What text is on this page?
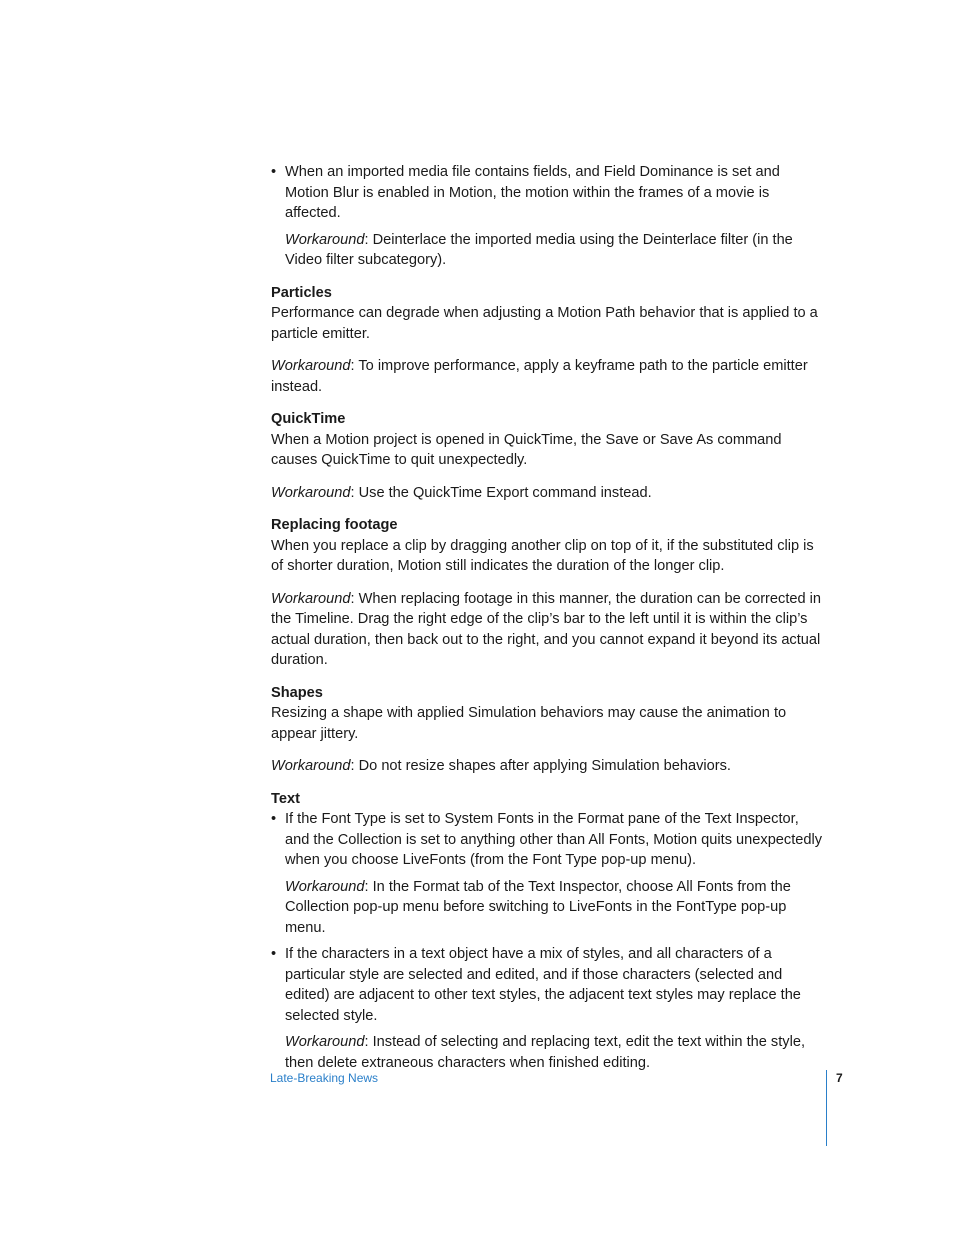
• When an imported media file contains fields, and Field Dominance is set and Motion Blur is enabled in Motion, the motion within the frames of a movie is affected.

Workaround: Deinterlace the imported media using the Deinterlace filter (in the Video filter subcategory).

Particles

Performance can degrade when adjusting a Motion Path behavior that is applied to a particle emitter.

Workaround: To improve performance, apply a keyframe path to the particle emitter instead.

QuickTime

When a Motion project is opened in QuickTime, the Save or Save As command causes QuickTime to quit unexpectedly.

Workaround: Use the QuickTime Export command instead.

Replacing footage

When you replace a clip by dragging another clip on top of it, if the substituted clip is of shorter duration, Motion still indicates the duration of the longer clip.

Workaround: When replacing footage in this manner, the duration can be corrected in the Timeline. Drag the right edge of the clip’s bar to the left until it is within the clip’s actual duration, then back out to the right, and you cannot expand it beyond its actual duration.

Shapes

Resizing a shape with applied Simulation behaviors may cause the animation to appear jittery.

Workaround: Do not resize shapes after applying Simulation behaviors.

Text
• If the Font Type is set to System Fonts in the Format pane of the Text Inspector, and the Collection is set to anything other than All Fonts, Motion quits unexpectedly when you choose LiveFonts (from the Font Type pop-up menu).

Workaround: In the Format tab of the Text Inspector, choose All Fonts from the Collection pop-up menu before switching to LiveFonts in the FontType pop-up menu.

• If the characters in a text object have a mix of styles, and all characters of a particular style are selected and edited, and if those characters (selected and edited) are adjacent to other text styles, the adjacent text styles may replace the selected style.

Workaround: Instead of selecting and replacing text, edit the text within the style, then delete extraneous characters when finished editing.

Late-Breaking News	7
